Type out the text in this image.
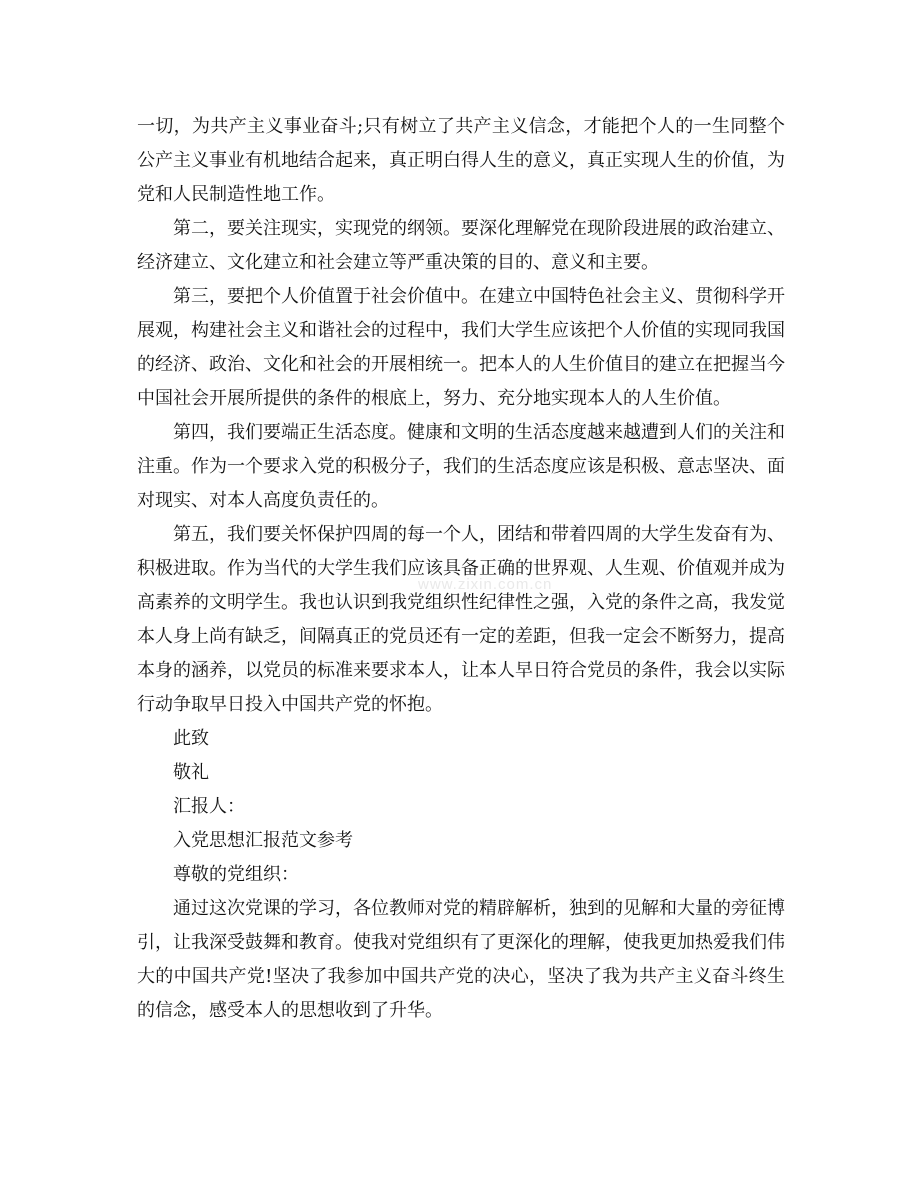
一切，为共产主义事业奋斗;只有树立了共产主义信念，才能把个人的一生同整个公产主义事业有机地结合起来，真正明白得人生的意义，真正实现人生的价值，为党和人民制造性地工作。

第二，要关注现实，实现党的纲领。要深化理解党在现阶段进展的政治建立、经济建立、文化建立和社会建立等严重决策的目的、意义和主要。

第三，要把个人价值置于社会价值中。在建立中国特色社会主义、贯彻科学开展观，构建社会主义和谐社会的过程中，我们大学生应该把个人价值的实现同我国的经济、政治、文化和社会的开展相统一。把本人的人生价值目的建立在把握当今中国社会开展所提供的条件的根底上，努力、充分地实现本人的人生价值。

第四，我们要端正生活态度。健康和文明的生活态度越来越遭到人们的关注和注重。作为一个要求入党的积极分子，我们的生活态度应该是积极、意志坚决、面对现实、对本人高度负责任的。

第五，我们要关怀保护四周的每一个人，团结和带着四周的大学生发奋有为、积极进取。作为当代的大学生我们应该具备正确的世界观、人生观、价值观并成为高素养的文明学生。我也认识到我党组织性纪律性之强，入党的条件之高，我发觉本人身上尚有缺乏，间隔真正的党员还有一定的差距，但我一定会不断努力，提高本身的涵养，以党员的标准来要求本人，让本人早日符合党员的条件，我会以实际行动争取早日投入中国共产党的怀抱。

此致

敬礼

汇报人：

入党思想汇报范文参考

尊敬的党组织：

通过这次党课的学习，各位教师对党的精辟解析，独到的见解和大量的旁征博引，让我深受鼓舞和教育。使我对党组织有了更深化的理解，使我更加热爱我们伟大的中国共产党!坚决了我参加中国共产党的决心，坚决了我为共产主义奋斗终生的信念，感受本人的思想收到了升华。

www.zixin.com.cn
